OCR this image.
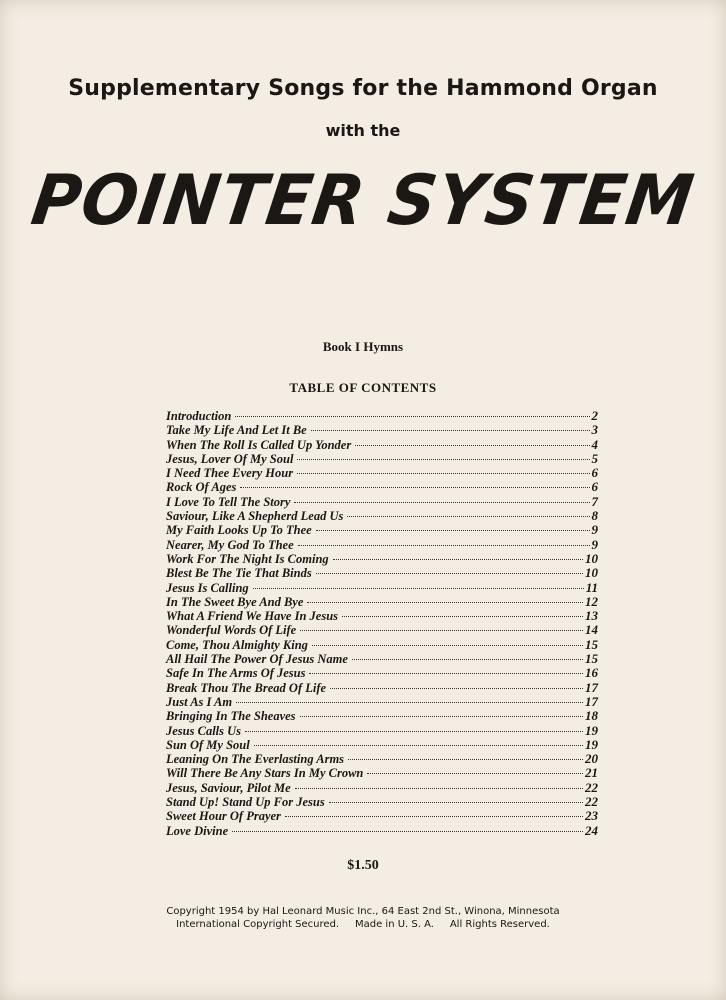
Supplementary Songs for the Hammond Organ
with the
POINTER SYSTEM
Book I Hymns
TABLE OF CONTENTS
Introduction	2
Take My Life And Let It Be	3
When The Roll Is Called Up Yonder	4
Jesus, Lover Of My Soul	5
I Need Thee Every Hour	6
Rock Of Ages	6
I Love To Tell The Story	7
Saviour, Like A Shepherd Lead Us	8
My Faith Looks Up To Thee	9
Nearer, My God To Thee	9
Work For The Night Is Coming	10
Blest Be The Tie That Binds	10
Jesus Is Calling	11
In The Sweet Bye And Bye	12
What A Friend We Have In Jesus	13
Wonderful Words Of Life	14
Come, Thou Almighty King	15
All Hail The Power Of Jesus Name	15
Safe In The Arms Of Jesus	16
Break Thou The Bread Of Life	17
Just As I Am	17
Bringing In The Sheaves	18
Jesus Calls Us	19
Sun Of My Soul	19
Leaning On The Everlasting Arms	20
Will There Be Any Stars In My Crown	21
Jesus, Saviour, Pilot Me	22
Stand Up! Stand Up For Jesus	22
Sweet Hour Of Prayer	23
Love Divine	24
$1.50
Copyright 1954 by Hal Leonard Music Inc., 64 East 2nd St., Winona, Minnesota
International Copyright Secured.     Made in U. S. A.     All Rights Reserved.
